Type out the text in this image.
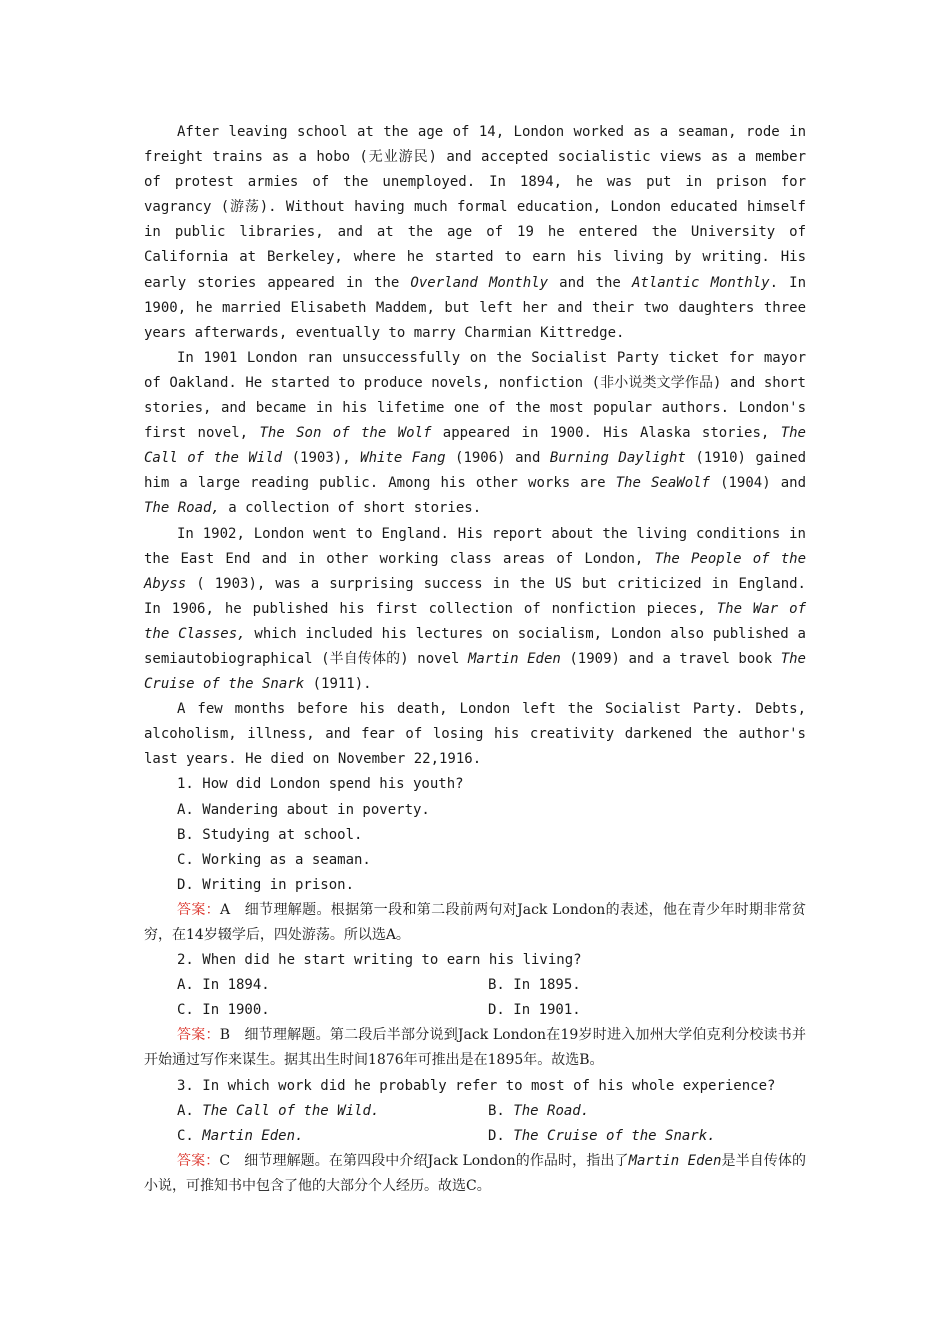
After leaving school at the age of 14, London worked as a seaman, rode in freight trains as a hobo (无业游民) and accepted socialistic views as a member of protest armies of the unemployed. In 1894, he was put in prison for vagrancy (游荡). Without having much formal education, London educated himself in public libraries, and at the age of 19 he entered the University of California at Berkeley, where he started to earn his living by writing. His early stories appeared in the Overland Monthly and the Atlantic Monthly. In 1900, he married Elisabeth Maddem, but left her and their two daughters three years afterwards, eventually to marry Charmian Kittredge.

In 1901 London ran unsuccessfully on the Socialist Party ticket for mayor of Oakland. He started to produce novels, nonfiction (非小说类文学作品) and short stories, and became in his lifetime one of the most popular authors. London's first novel, The Son of the Wolf appeared in 1900. His Alaska stories, The Call of the Wild (1903), White Fang (1906) and Burning Daylight (1910) gained him a large reading public. Among his other works are The SeaWolf (1904) and The Road, a collection of short stories.

In 1902, London went to England. His report about the living conditions in the East End and in other working class areas of London, The People of the Abyss ( 1903), was a surprising success in the US but criticized in England. In 1906, he published his first collection of nonfiction pieces, The War of the Classes, which included his lectures on socialism, London also published a semiautobiographical (半自传体的) novel Martin Eden (1909) and a travel book The Cruise of the Snark (1911).

A few months before his death, London left the Socialist Party. Debts, alcoholism, illness, and fear of losing his creativity darkened the author's last years. He died on November 22,1916.

1. How did London spend his youth?
A. Wandering about in poverty.
B. Studying at school.
C. Working as a seaman.
D. Writing in prison.

答案：A　细节理解题。根据第一段和第二段前两句对Jack London的表述，他在青少年时期非常贫穷，在14岁辍学后，四处游荡。所以选A。

2. When did he start writing to earn his living?
A. In 1894.	B. In 1895.
C. In 1900.	D. In 1901.

答案：B　细节理解题。第二段后半部分说到Jack London在19岁时进入加州大学伯克利分校读书并开始通过写作来谋生。据其出生时间1876年可推出是在1895年。故选B。

3. In which work did he probably refer to most of his whole experience?
A. The Call of the Wild.	B. The Road.
C. Martin Eden.	D. The Cruise of the Snark.

答案：C　细节理解题。在第四段中介绍Jack London的作品时，指出了Martin Eden是半自传体的小说，可推知书中包含了他的大部分个人经历。故选C。
